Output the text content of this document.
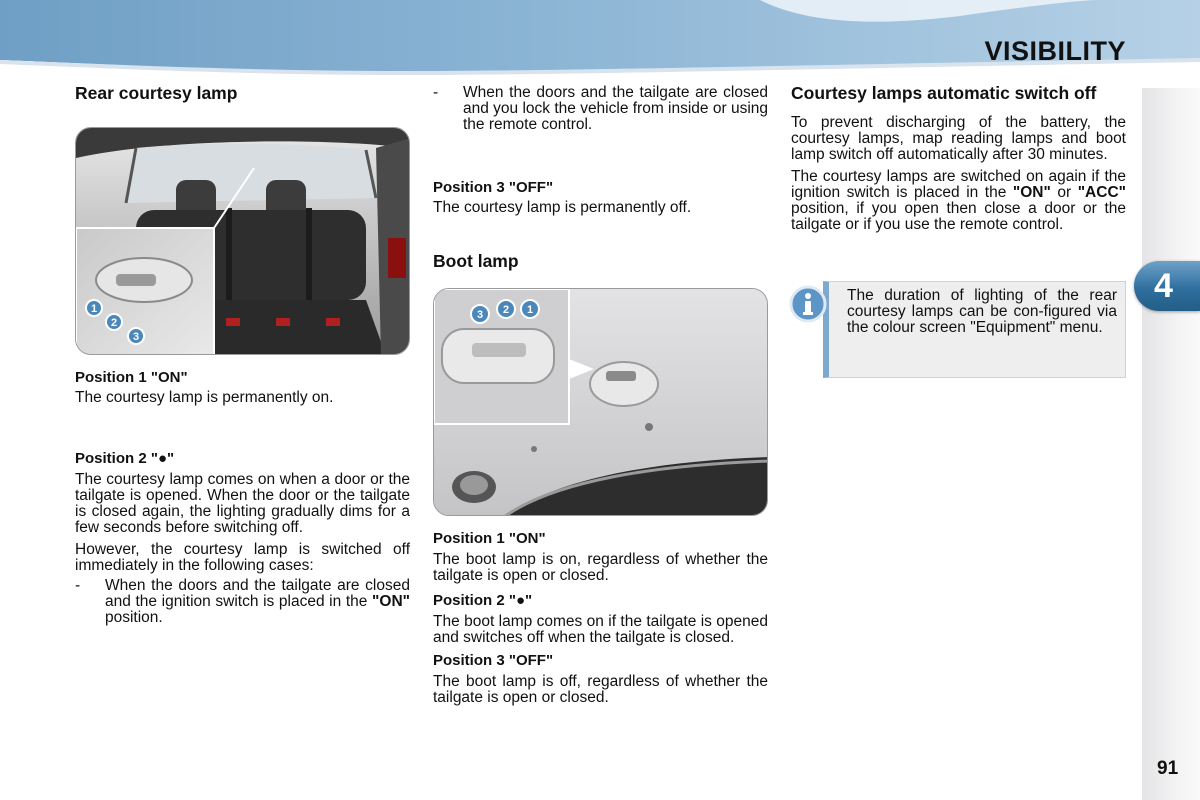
VISIBILITY
4
91
Rear courtesy lamp
1
2
3
Position 1 "ON"

The courtesy lamp is permanently on.

Position 2 "●"

The courtesy lamp comes on when a door or the tailgate is opened. When the door or the tailgate is closed again, the lighting gradually dims for a few seconds before switching off.

However, the courtesy lamp is switched off immediately in the following cases:

-	When the doors and the tailgate are closed and the ignition switch is placed in the "ON" position.
-	When the doors and the tailgate are closed and you lock the vehicle from inside or using the remote control.
Position 3 "OFF"

The courtesy lamp is permanently off.

Boot lamp
3 2 1
Position 1 "ON"

The boot lamp is on, regardless of whether the tailgate is open or closed.

Position 2 "●"

The boot lamp comes on if the tailgate is opened and switches off when the tailgate is closed.

Position 3 "OFF"

The boot lamp is off, regardless of whether the tailgate is open or closed.

Courtesy lamps automatic switch off

To prevent discharging of the battery, the courtesy lamps, map reading lamps and boot lamp switch off automatically after 30 minutes.

The courtesy lamps are switched on again if the ignition switch is placed in the "ON" or "ACC" position, if you open then close a door or the tailgate or if you use the remote control.

The duration of lighting of the rear courtesy lamps can be con-figured via the colour screen "Equipment" menu.
